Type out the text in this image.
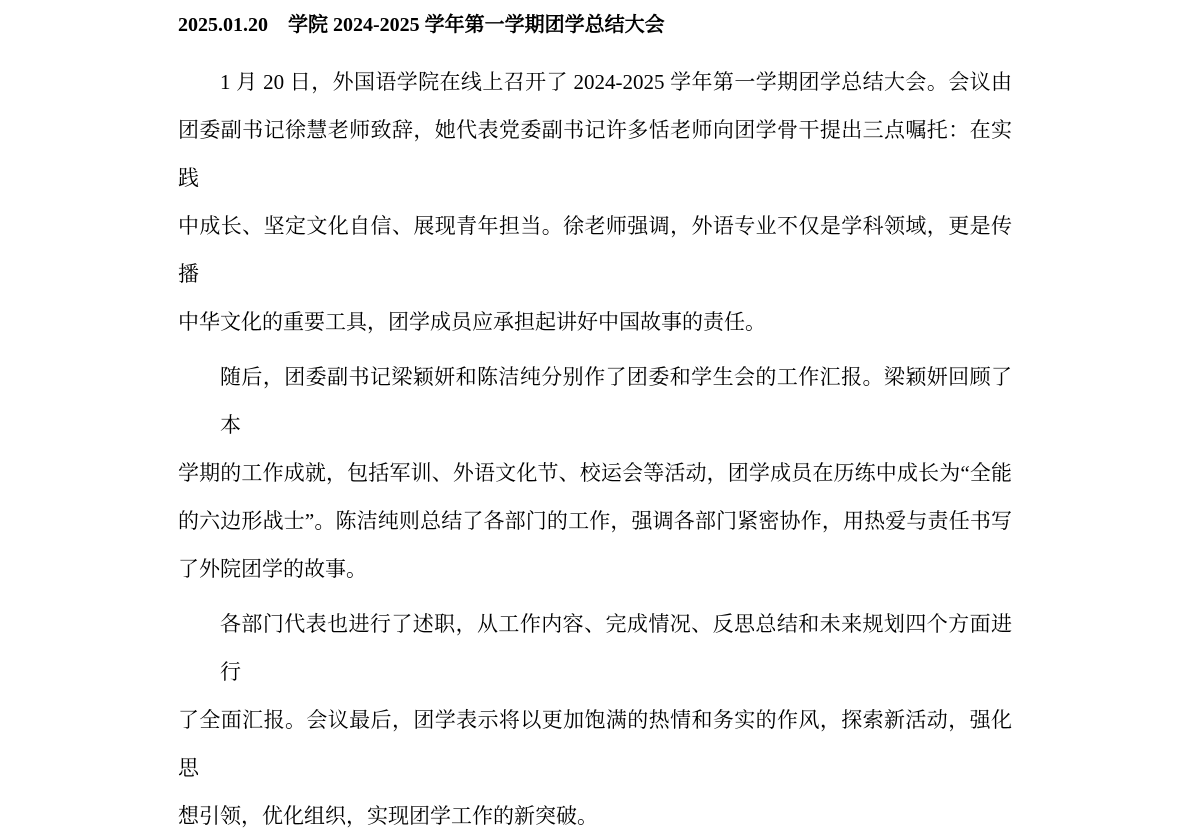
2025.01.20　学院 2024-2025 学年第一学期团学总结大会
1 月 20 日，外国语学院在线上召开了 2024-2025 学年第一学期团学总结大会。会议由
团委副书记徐慧老师致辞，她代表党委副书记许多恬老师向团学骨干提出三点嘱托：在实践
中成长、坚定文化自信、展现青年担当。徐老师强调，外语专业不仅是学科领域，更是传播
中华文化的重要工具，团学成员应承担起讲好中国故事的责任。
随后，团委副书记梁颖妍和陈洁纯分别作了团委和学生会的工作汇报。梁颖妍回顾了本
学期的工作成就，包括军训、外语文化节、校运会等活动，团学成员在历练中成长为“全能
的六边形战士”。陈洁纯则总结了各部门的工作，强调各部门紧密协作，用热爱与责任书写
了外院团学的故事。
各部门代表也进行了述职，从工作内容、完成情况、反思总结和未来规划四个方面进行
了全面汇报。会议最后，团学表示将以更加饱满的热情和务实的作风，探索新活动，强化思
想引领，优化组织，实现团学工作的新突破。
